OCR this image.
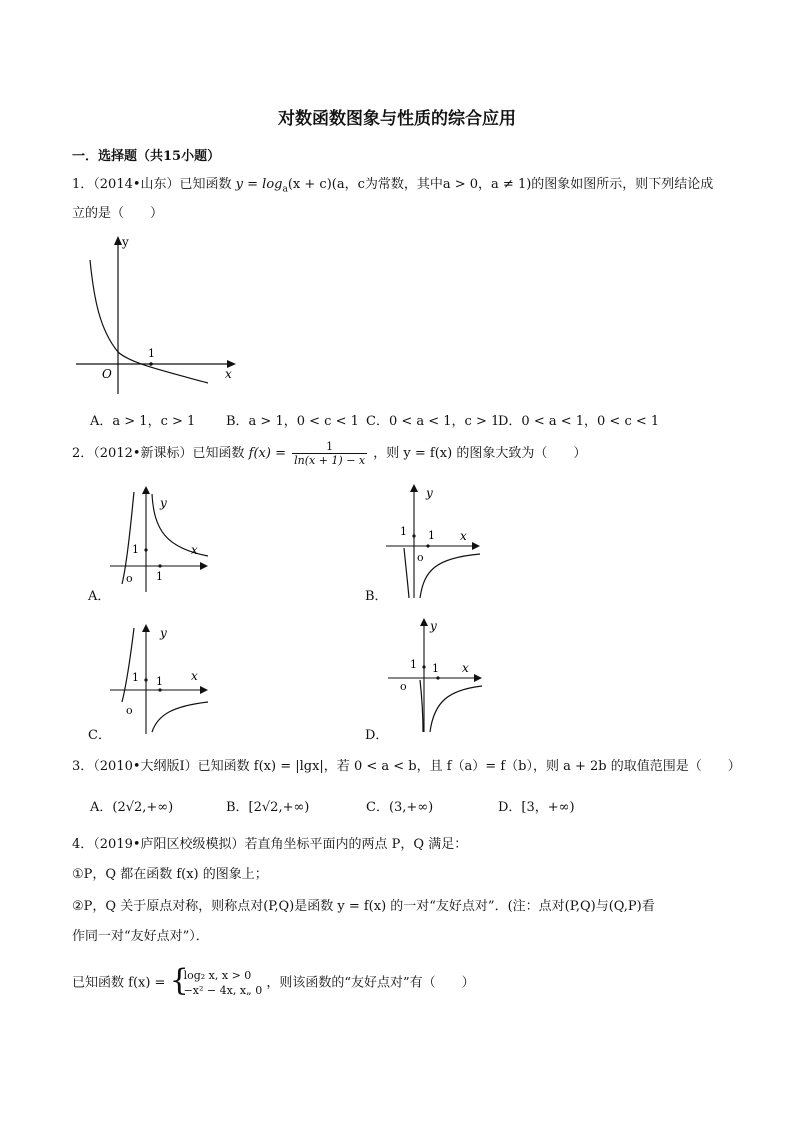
对数函数图象与性质的综合应用
一．选择题（共15小题）
1．（2014•山东）已知函数 $y = \log_a(x + c)(a$，c为常数，其中a > 0，a ≠ 1)的图象如图所示，则下列结论成
立的是（　　）
y
x
O
1
A．a > 1，c > 1 B．a > 1，0 < c < 1 C．0 < a < 1，c > 1
D．0 < a < 1，0 < c < 1
2．（2012•新课标）已知函数 $f(x) = \frac{1}{\ln(x + 1) - x}$ ，则 y = f(x) 的图象大致为（　　）
y
x
1
1
o
A．
y
x
1 1
o
B．
y
x
1 1
o
C．
y
x
1 1
o
D．
3．（2010•大纲版Ⅰ）已知函数 f(x) = |lgx|，若 0 < a < b，且 f（a）= f（b），则 a + 2b 的取值范围是（　　）
A．(2√2,+∞)	B．[2√2,+∞)	C．(3,+∞)	D．[3，+∞)
4．（2019•庐阳区校级模拟）若直角坐标平面内的两点 P，Q 满足：
①P，Q 都在函数 f(x) 的图象上；
②P，Q 关于原点对称，则称点对(P,Q)是函数 y = f(x) 的一对“友好点对”．(注：点对(P,Q)与(Q,P)看
作同一对“友好点对”）．
已知函数 f(x) = {
log₂ x, x > 0
−x² − 4x, x„ 0 ，则该函数的“友好点对”有（　　）
